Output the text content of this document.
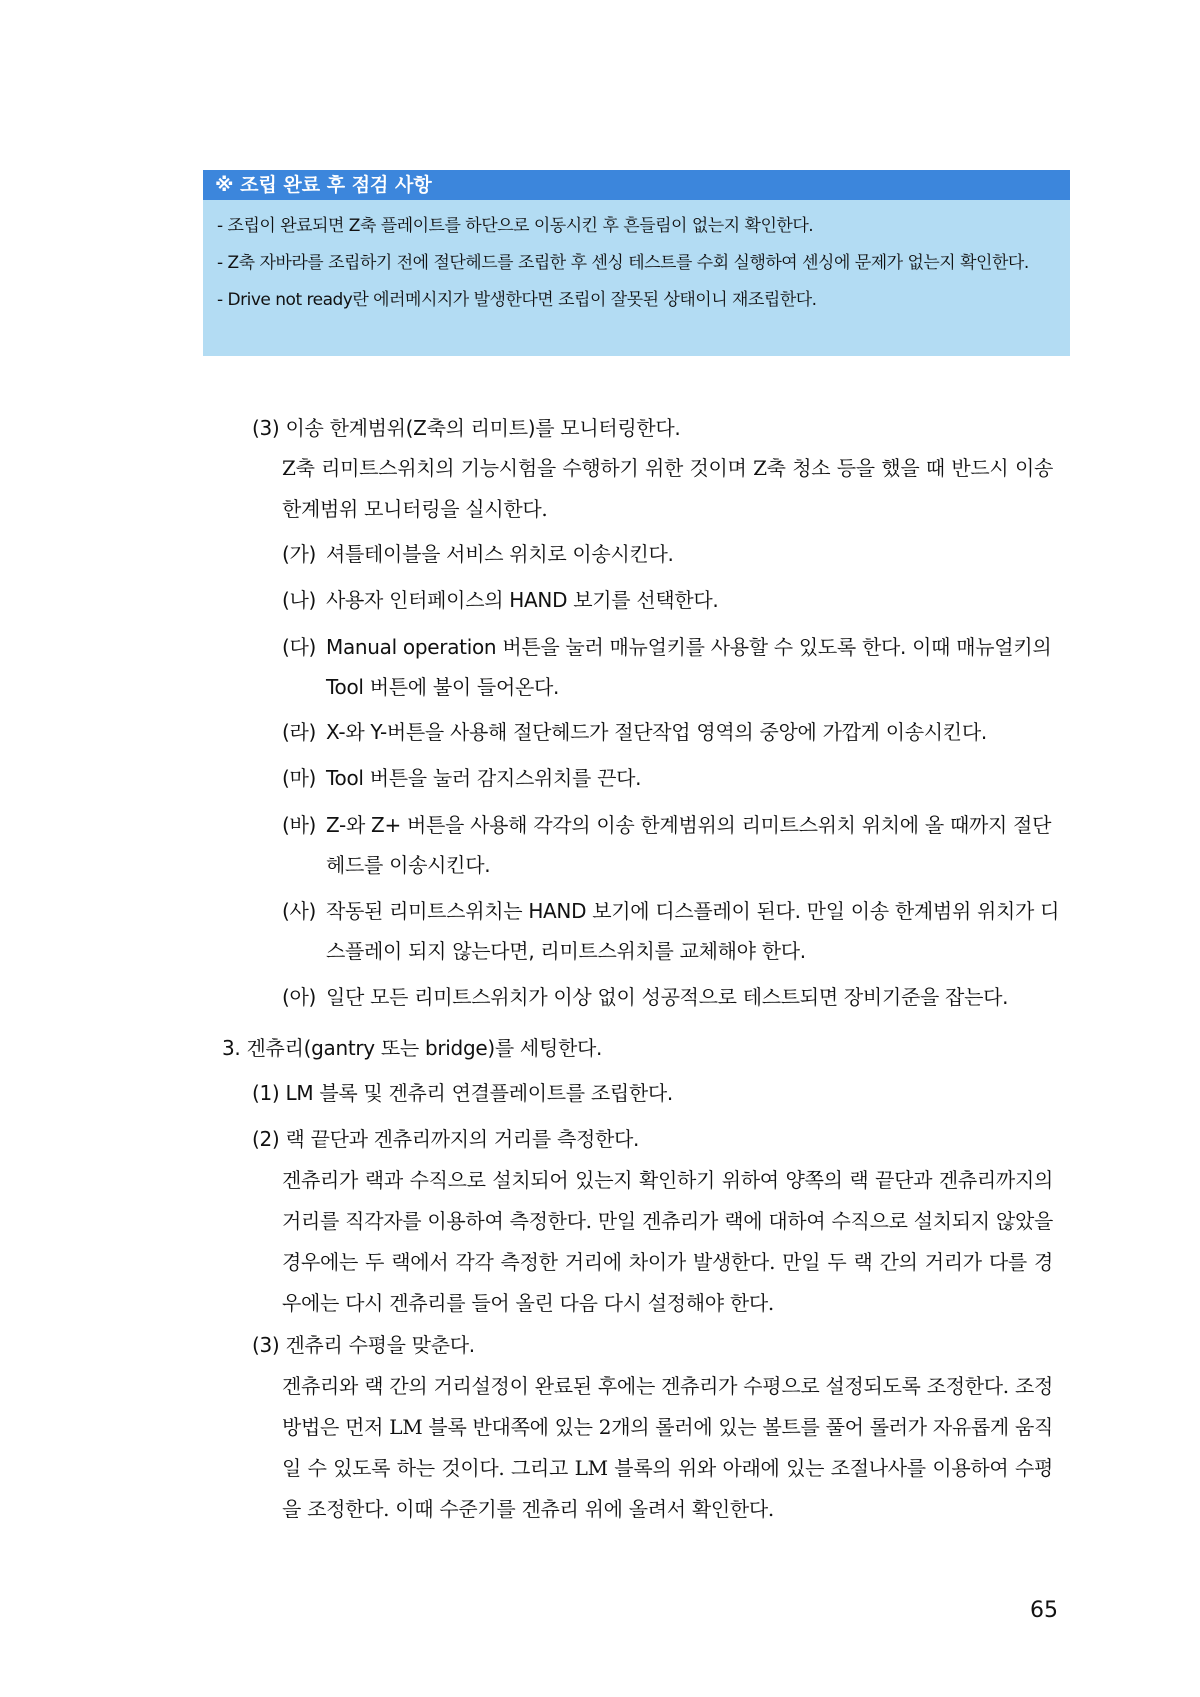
※ 조립 완료 후 점검 사항
- 조립이 완료되면 Z축 플레이트를 하단으로 이동시킨 후 흔들림이 없는지 확인한다.
- Z축 자바라를 조립하기 전에 절단헤드를 조립한 후 센싱 테스트를 수회 실행하여 센싱에 문제가 없는지 확인한다.
- Drive not ready란 에러메시지가 발생한다면 조립이 잘못된 상태이니 재조립한다.

(3) 이송 한계범위(Z축의 리미트)를 모니터링한다.

Z축 리미트스위치의 기능시험을 수행하기 위한 것이며 Z축 청소 등을 했을 때 반드시 이송 한계범위 모니터링을 실시한다.

(가) 셔틀테이블을 서비스 위치로 이송시킨다.

(나) 사용자 인터페이스의 HAND 보기를 선택한다.

(다) Manual operation 버튼을 눌러 매뉴얼키를 사용할 수 있도록 한다. 이때 매뉴얼키의
Tool 버튼에 불이 들어온다.

(라) X-와 Y-버튼을 사용해 절단헤드가 절단작업 영역의 중앙에 가깝게 이송시킨다.

(마) Tool 버튼을 눌러 감지스위치를 끈다.

(바) Z-와 Z+ 버튼을 사용해 각각의 이송 한계범위의 리미트스위치 위치에 올 때까지 절단
헤드를 이송시킨다.

(사) 작동된 리미트스위치는 HAND 보기에 디스플레이 된다. 만일 이송 한계범위 위치가 디
스플레이 되지 않는다면, 리미트스위치를 교체해야 한다.

(아) 일단 모든 리미트스위치가 이상 없이 성공적으로 테스트되면 장비기준을 잡는다.

3. 겐츄리(gantry 또는 bridge)를 세팅한다.

(1) LM 블록 및 겐츄리 연결플레이트를 조립한다.

(2) 랙 끝단과 겐츄리까지의 거리를 측정한다.

겐츄리가 랙과 수직으로 설치되어 있는지 확인하기 위하여 양쪽의 랙 끝단과 겐츄리까지의 거리를 직각자를 이용하여 측정한다. 만일 겐츄리가 랙에 대하여 수직으로 설치되지 않았을 경우에는 두 랙에서 각각 측정한 거리에 차이가 발생한다. 만일 두 랙 간의 거리가 다를 경우에는 다시 겐츄리를 들어 올린 다음 다시 설정해야 한다.

(3) 겐츄리 수평을 맞춘다.

겐츄리와 랙 간의 거리설정이 완료된 후에는 겐츄리가 수평으로 설정되도록 조정한다. 조정방법은 먼저 LM 블록 반대쪽에 있는 2개의 롤러에 있는 볼트를 풀어 롤러가 자유롭게 움직일 수 있도록 하는 것이다. 그리고 LM 블록의 위와 아래에 있는 조절나사를 이용하여 수평을 조정한다. 이때 수준기를 겐츄리 위에 올려서 확인한다.

65
